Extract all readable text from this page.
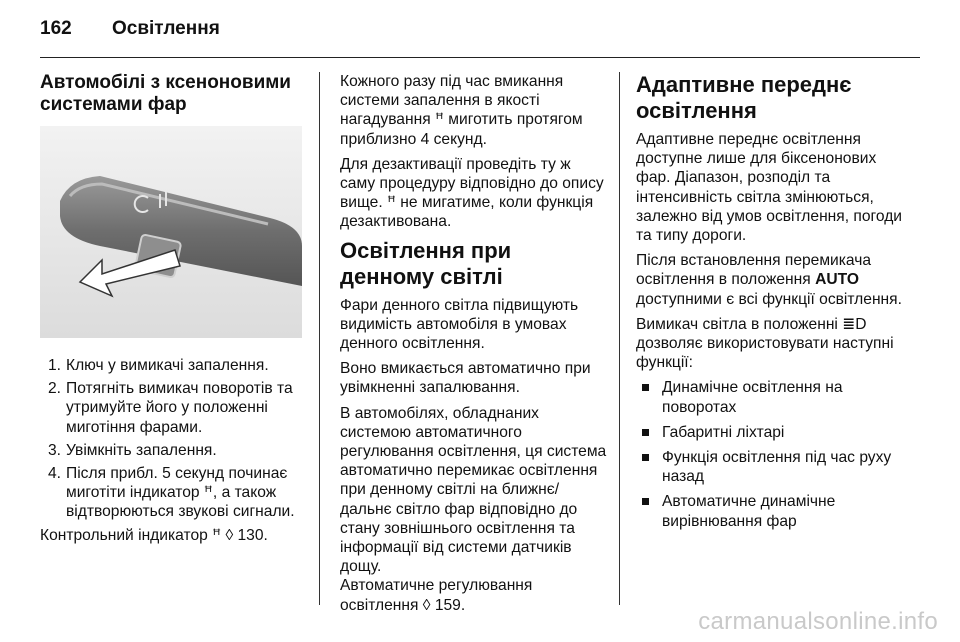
162 Освітлення
Автомобілі з ксеноновими системами фар
1. Ключ у вимикачі запалення.
2. Потягніть вимикач поворотів та утримуйте його у положенні миготіння фарами.
3. Увімкніть запалення.
4. Після прибл. 5 секунд починає миготіти індикатор ꟸ, а також відтворюються звукові сигнали.

Контрольний індикатор ꟸ ◊ 130.

Кожного разу під час вмикання системи запалення в якості нагадування ꟸ миготить протягом приблизно 4 секунд.

Для дезактивації проведіть ту ж саму процедуру відповідно до опису вище. ꟸ не мигатиме, коли функція дезактивована.

Освітлення при денному світлі

Фари денного світла підвищують видимість автомобіля в умовах денного освітлення.

Воно вмикається автоматично при увімкненні запалювання.

В автомобілях, обладнаних системою автоматичного регулювання освітлення, ця система автоматично перемикає освітлення при денному світлі на ближнє/дальнє світло фар відповідно до стану зовнішнього освітлення та інформації від системи датчиків дощу.

Автоматичне регулювання освітлення ◊ 159.

Адаптивне переднє освітлення

Адаптивне переднє освітлення доступне лише для біксенонових фар. Діапазон, розподіл та інтенсивність світла змінюються, залежно від умов освітлення, погоди та типу дороги.

Після встановлення перемикача освітлення в положення AUTO доступними є всі функції освітлення.

Вимикач світла в положенні ≣D дозволяє використовувати наступні функції:

Динамічне освітлення на поворотах
Габаритні ліхтарі
Функція освітлення під час руху назад
Автоматичне динамічне вирівнювання фар
carmanualsonline.info
